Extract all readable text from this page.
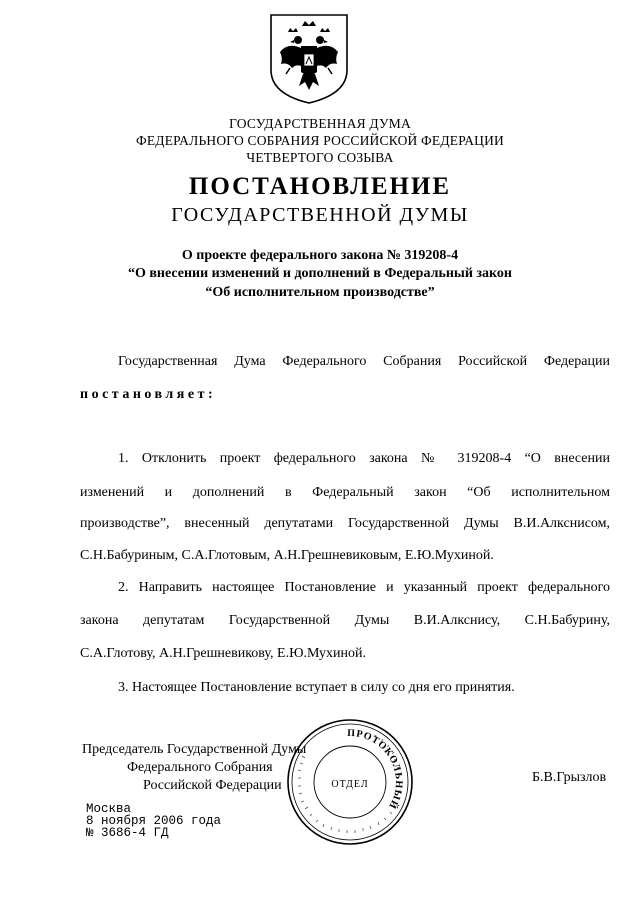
ГОСУДАРСТВЕННАЯ ДУМА
ФЕДЕРАЛЬНОГО СОБРАНИЯ РОССИЙСКОЙ ФЕДЕРАЦИИ
ЧЕТВЕРТОГО СОЗЫВА
ПОСТАНОВЛЕНИЕ
ГОСУДАРСТВЕННОЙ ДУМЫ
О проекте федерального закона № 319208-4
“О внесении изменений и дополнений в Федеральный закон
“Об исполнительном производстве”
Государственная Дума Федерального Собрания Российской Федерации
постановляет:
1. Отклонить проект федерального закона № 319208-4 “О внесении
изменений и дополнений в Федеральный закон “Об исполнительном
производстве”, внесенный депутатами Государственной Думы В.И.Алкснисом,
С.Н.Бабуриным, С.А.Глотовым, А.Н.Грешневиковым, Е.Ю.Мухиной.
2. Направить настоящее Постановление и указанный проект федерального
закона депутатам Государственной Думы В.И.Алкснису, С.Н.Бабурину,
С.А.Глотову, А.Н.Грешневикову, Е.Ю.Мухиной.
3. Настоящее Постановление вступает в силу со дня его принятия.
Председатель Государственной Думы
Федерального Собрания
Российской Федерации
Б.В.Грызлов
ПРОТОКОЛЬНЫЙ
ОТДЕЛ
Москва
8 ноября 2006 года
№ 3686-4 ГД
